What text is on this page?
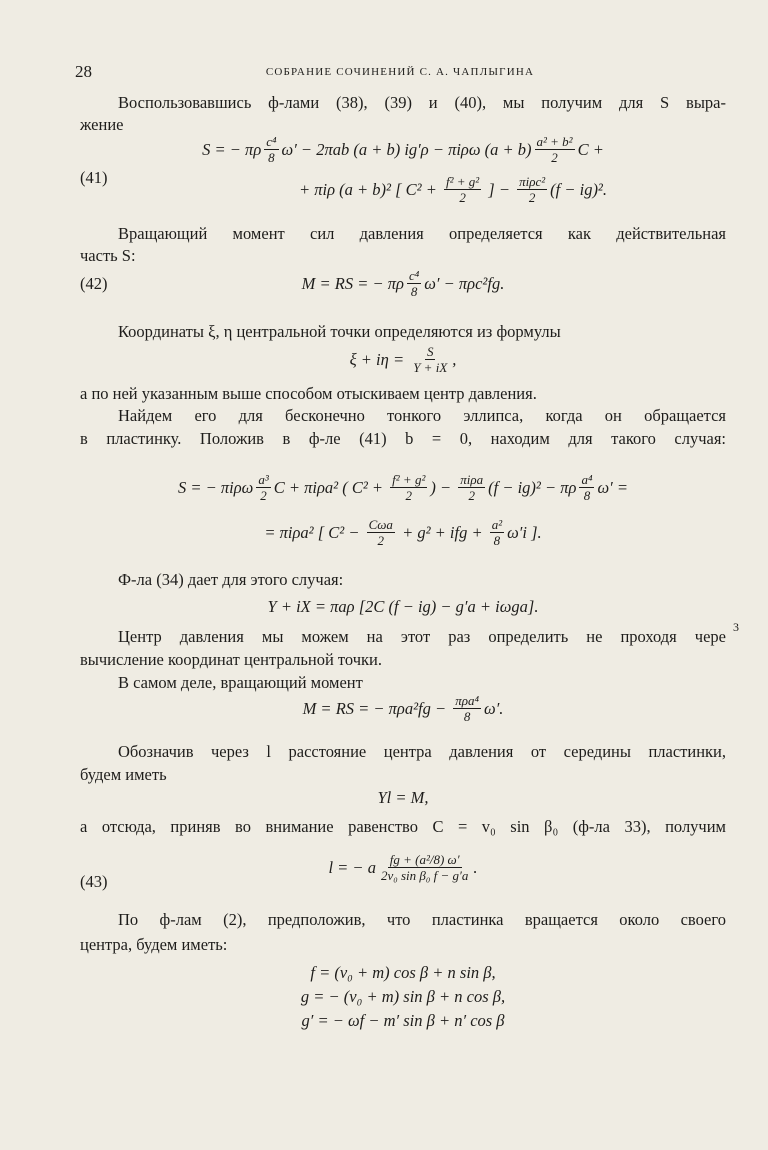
28	СОБРАНИЕ СОЧИНЕНИЙ С. А. ЧАПЛЫГИНА
3
Воспользовавшись ф-лами (38), (39) и (40), мы получим для S выра-
жение
S = − πρ $\frac{\text{c⁴}}{8} \omega' - 2\pi ab$ (a + b) ig′ρ − πiρω $(a + b) \frac{\text{a² + b²}}{2}$ C +
(41)
+ πiρ (a + b)² [ $C^2 + \frac{\text{f² + g²}}{2}$ ] − $\frac{\text{πiρc²}}{2} (f - ig)^2$.
Вращающий момент сил давления определяется как действительная
часть S:
(42)	M = RS = − πρ $\frac{\text{c⁴}}{8} \omega' - \pi\rho c^2fg$.
Координаты ξ, η центральной точки определяются из формулы
$\xi + i\eta = \frac{S}{Y + iX}$ ,
а по ней указанным выше способом отыскиваем центр давления.
Найдем его для бесконечно тонкого эллипса, когда он обращается
в пластинку. Положив в ф-ле (41) b = 0, находим для такого случая:
S = − πiρω $\frac{\text{a³}}{2}$ C + πiρa² ( $C^2 + \frac{\text{f² + g²}}{2}$ ) − $\frac{\text{πiρa}}{2} (f - ig)^2 - \pi\rho \frac{\text{a⁴}}{8} \omega'$ =
= πiρa² [ $C^2 - \frac{\text{Cωa}}{2} + g^2$ + ifg + $\frac{\text{a²}}{8} \omega'i$ ].
Ф-ла (34) дает для этого случая:
Y + iX = πaρ [2C (f − ig) − g′a + iωga].
Центр давления мы можем на этот раз определить не проходя чере
вычисление координат центральной точки.
В самом деле, вращающий момент
M = RS = − $\pi\rho a^2fg - \frac{\text{πρa⁴}}{8} \omega'$.
Обозначив через l расстояние центра давления от середины пластинки,
будем иметь
Yl = M,
а отсюда, приняв во внимание равенство C = v₀ sin β₀ (ф-ла 33), получим
(43)
l = − a $\frac{\text{fg + (a²/8) ω′}}{\text{2v₀ sin β₀ f − g′a}}$ .
По ф-лам (2), предположив, что пластинка вращается около своего
центра, будем иметь:
f = (v₀ + m) cos β + n sin β,
g = − (v₀ + m) sin β + n cos β,
g′ = − ωf − m′ sin β + n′ cos β
